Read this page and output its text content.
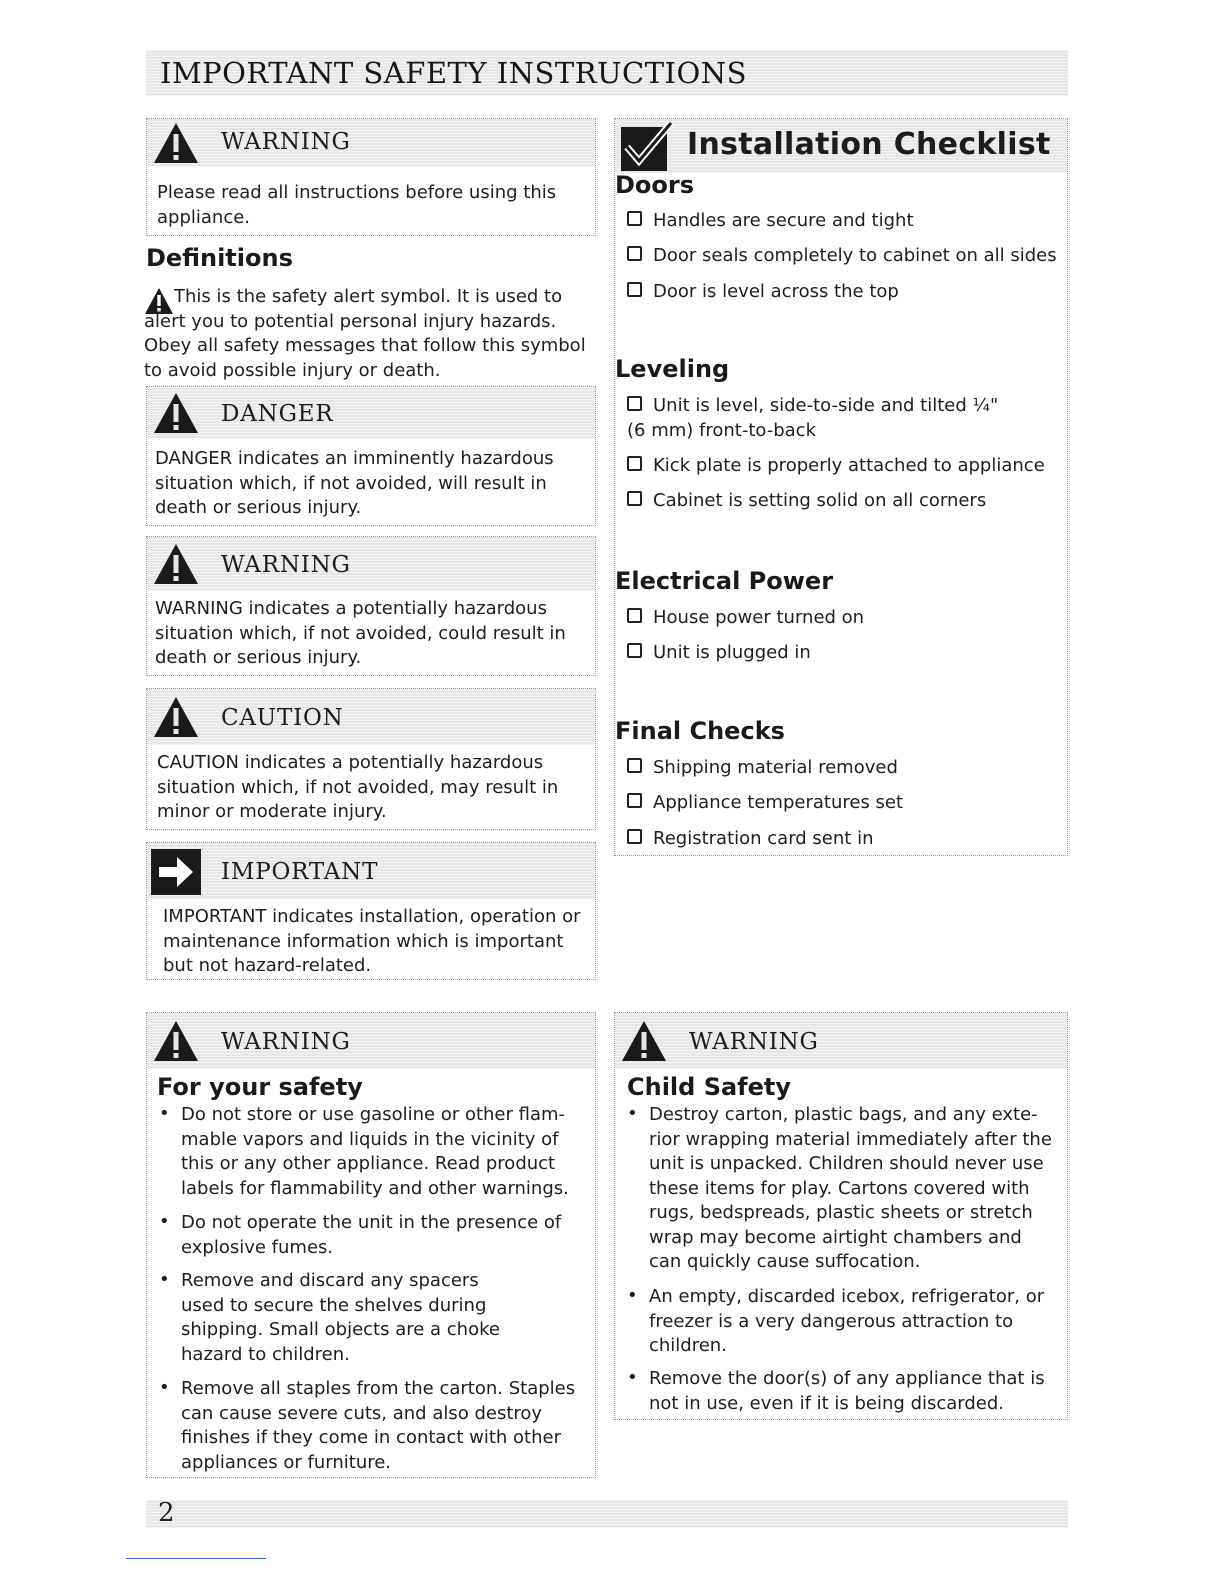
IMPORTANT SAFETY INSTRUCTIONS
WARNING
Please read all instructions before using this appliance.
Definitions
This is the safety alert symbol. It is used to alert you to potential personal injury hazards. Obey all safety messages that follow this symbol to avoid possible injury or death.
DANGER
DANGER indicates an imminently hazardous situation which, if not avoided, will result in death or serious injury.
WARNING
WARNING indicates a potentially hazardous situation which, if not avoided, could result in death or serious injury.
CAUTION
CAUTION indicates a potentially hazardous situation which, if not avoided, may result in minor or moderate injury.
IMPORTANT
IMPORTANT indicates installation, operation or maintenance information which is important but not hazard-related.
Installation Checklist
Doors
Handles are secure and tight
Door seals completely to cabinet on all sides
Door is level across the top
Leveling
Unit is level, side-to-side and tilted ¼"
(6 mm) front-to-back
Kick plate is properly attached to appliance
Cabinet is setting solid on all corners
Electrical Power
House power turned on
Unit is plugged in
Final Checks
Shipping material removed
Appliance temperatures set
Registration card sent in
WARNING
For your safety
• Do not store or use gasoline or other flam-mable vapors and liquids in the vicinity of this or any other appliance. Read product labels for flammability and other warnings.
• Do not operate the unit in the presence of explosive fumes.
• Remove and discard any spacers used to secure the shelves during shipping. Small objects are a choke hazard to children.
• Remove all staples from the carton. Staples can cause severe cuts, and also destroy finishes if they come in contact with other appliances or furniture.
WARNING
Child Safety
• Destroy carton, plastic bags, and any exte-rior wrapping material immediately after the unit is unpacked. Children should never use these items for play. Cartons covered with rugs, bedspreads, plastic sheets or stretch wrap may become airtight chambers and can quickly cause suffocation.
• An empty, discarded icebox, refrigerator, or freezer is a very dangerous attraction to children.
• Remove the door(s) of any appliance that is not in use, even if it is being discarded.
2
